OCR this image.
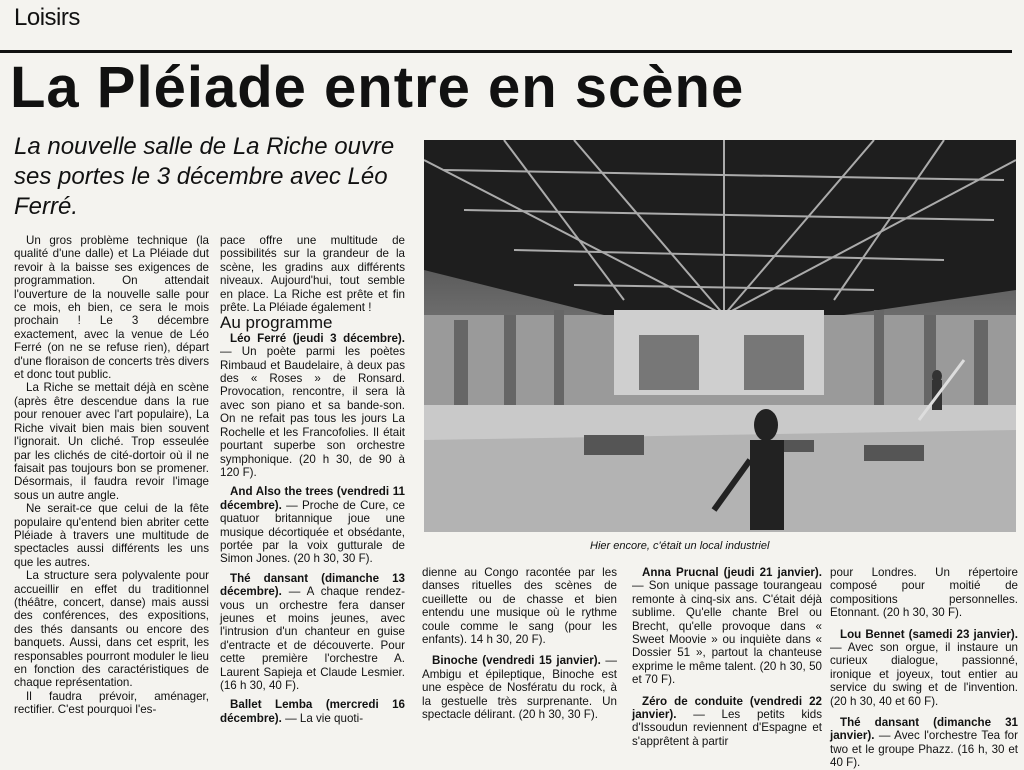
Loisirs
La Pléiade entre en scène
La nouvelle salle de La Riche ouvre ses portes le 3 décembre avec Léo Ferré.

Un gros problème technique (la qualité d'une dalle) et La Pléiade dut revoir à la baisse ses exigences de programmation. On attendait l'ouverture de la nouvelle salle pour ce mois, eh bien, ce sera le mois prochain ! Le 3 décembre exactement, avec la venue de Léo Ferré (on ne se refuse rien), départ d'une floraison de concerts très divers et donc tout public.

La Riche se mettait déjà en scène (après être descendue dans la rue pour renouer avec l'art populaire), La Riche vivait bien mais bien souvent l'ignorait. Un cliché. Trop esseulée par les clichés de cité-dortoir où il ne faisait pas toujours bon se promener. Désormais, il faudra revoir l'image sous un autre angle.

Ne serait-ce que celui de la fête populaire qu'entend bien abriter cette Pléiade à travers une multitude de spectacles aussi différents les uns que les autres.

La structure sera polyvalente pour accueillir en effet du traditionnel (théâtre, concert, danse) mais aussi des conférences, des expositions, des thés dansants ou encore des banquets. Aussi, dans cet esprit, les responsables pourront moduler le lieu en fonction des caractéristiques de chaque représentation.

Il faudra prévoir, aménager, rectifier. C'est pourquoi l'es-

pace offre une multitude de possibilités sur la grandeur de la scène, les gradins aux différents niveaux. Aujourd'hui, tout semble en place. La Riche est prête et fin prête. La Pléiade également !

Au programme

Léo Ferré (jeudi 3 décembre). — Un poète parmi les poètes Rimbaud et Baudelaire, à deux pas des « Roses » de Ronsard. Provocation, rencontre, il sera là avec son piano et sa bande-son. On ne refait pas tous les jours La Rochelle et les Francofolies. Il était pourtant superbe son orchestre symphonique. (20 h 30, de 90 à 120 F).

And Also the trees (vendredi 11 décembre). — Proche de Cure, ce quatuor britannique joue une musique décortiquée et obsédante, portée par la voix gutturale de Simon Jones. (20 h 30, 30 F).

Thé dansant (dimanche 13 décembre). — A chaque rendez-vous un orchestre fera danser jeunes et moins jeunes, avec l'intrusion d'un chanteur en guise d'entracte et de découverte. Pour cette première l'orchestre A. Laurent Sapieja et Claude Lesmier. (16 h 30, 40 F).

Ballet Lemba (mercredi 16 décembre). — La vie quoti-

Hier encore, c'était un local industriel

dienne au Congo racontée par les danses rituelles des scènes de cueillette ou de chasse et bien entendu une musique où le rythme coule comme le sang (pour les enfants). 14 h 30, 20 F).

Binoche (vendredi 15 janvier). — Ambigu et épileptique, Binoche est une espèce de Nosfératu du rock, à la gestuelle très surprenante. Un spectacle délirant. (20 h 30, 30 F).

Anna Prucnal (jeudi 21 janvier). — Son unique passage tourangeau remonte à cinq-six ans. C'était déjà sublime. Qu'elle chante Brel ou Brecht, qu'elle provoque dans « Sweet Moovie » ou inquiète dans « Dossier 51 », partout la chanteuse exprime le même talent. (20 h 30, 50 et 70 F).

Zéro de conduite (vendredi 22 janvier). — Les petits kids d'Issoudun reviennent d'Espagne et s'apprêtent à partir

pour Londres. Un répertoire composé pour moitié de compositions personnelles. Etonnant. (20 h 30, 30 F).

Lou Bennet (samedi 23 janvier). — Avec son orgue, il instaure un curieux dialogue, passionné, ironique et joyeux, tout entier au service du swing et de l'invention. (20 h 30, 40 et 60 F).

Thé dansant (dimanche 31 janvier). — Avec l'orchestre Tea for two et le groupe Phazz. (16 h, 30 et 40 F).
